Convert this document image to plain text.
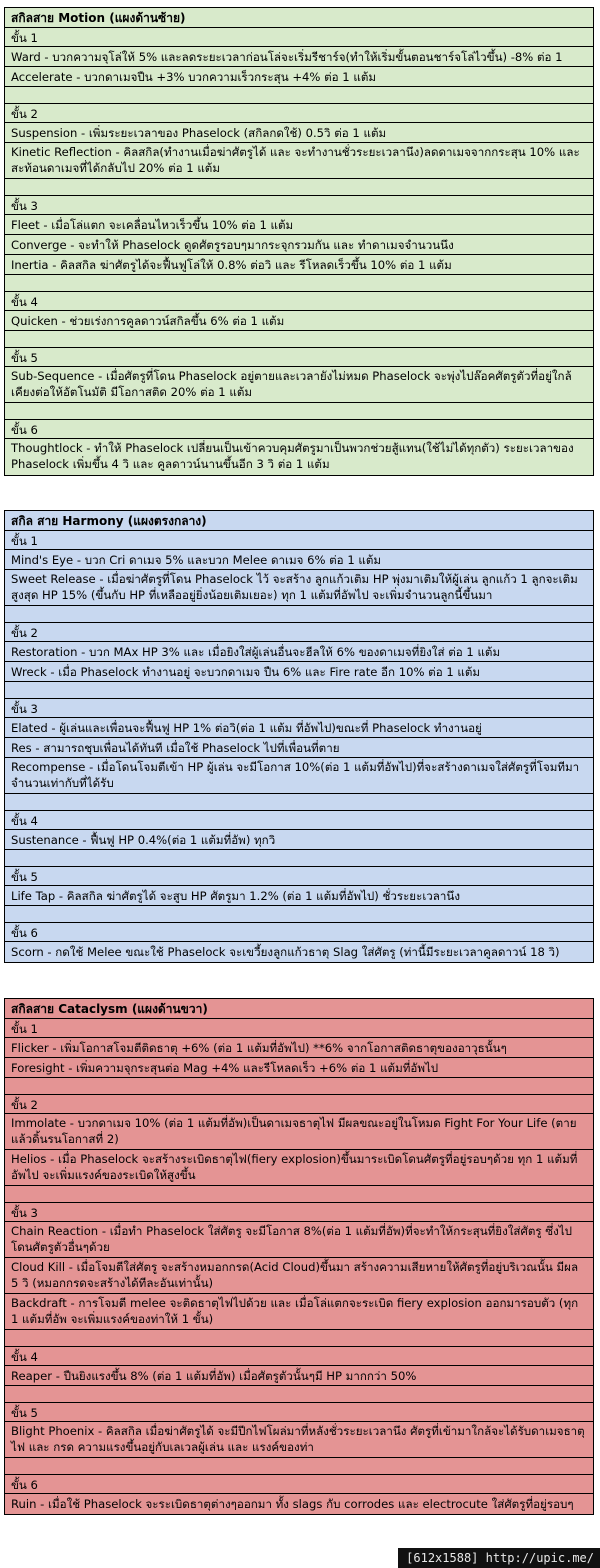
สกิลสาย Motion (แผงด้านซ้าย)
ขั้น 1
Ward - บวกความจุโล่ให้ 5% และลดระยะเวลาก่อนโล่จะเริ่มรีชาร์จ(ทำให้เริ่มขั้นตอนชาร์จโล่ไวขึ้น) -8% ต่อ 1
Accelerate - บวกดาเมจปืน +3% บวกความเร็วกระสุน +4% ต่อ 1 แต้ม
ขั้น 2
Suspension - เพิ่มระยะเวลาของ Phaselock (สกิลกดใช้) 0.5วิ ต่อ 1 แต้ม
Kinetic Reflection - คิลสกิล(ทำงานเมื่อฆ่าศัตรูได้ และ จะทำงานชั่วระยะเวลานึง)ลดดาเมจจากกระสุน 10% และ สะท้อนดาเมจที่ได้กลับไป 20% ต่อ 1 แต้ม
ขั้น 3
Fleet - เมื่อโล่แตก จะเคลื่อนไหวเร็วขึ้น 10% ต่อ 1 แต้ม
Converge - จะทำให้ Phaselock ดูดศัตรูรอบๆมากระจุกรวมกัน และ ทำดาเมจจำนวนนึง
Inertia - คิลสกิล ฆ่าศัตรูได้จะฟื้นฟูโล่ให้ 0.8% ต่อวิ และ รีโหลดเร็วขึ้น 10% ต่อ 1 แต้ม
ขั้น 4
Quicken - ช่วยเร่งการคูลดาวน์สกิลขึ้น 6% ต่อ 1 แต้ม
ขั้น 5
Sub-Sequence - เมื่อศัตรูที่โดน Phaselock อยู่ตายและเวลายังไม่หมด Phaselock จะพุ่งไปล๊อคศัตรูตัวที่อยู่ใกล้เคียงต่อให้อัตโนมัติ มีโอกาสติด 20% ต่อ 1 แต้ม
ขั้น 6
Thoughtlock - ทำให้ Phaselock เปลี่ยนเป็นเข้าควบคุมศัตรูมาเป็นพวกช่วยสู้แทน(ใช้ไม่ได้ทุกตัว) ระยะเวลาของ Phaselock เพิ่มขึ้น 4 วิ และ คูลดาวน์นานขึ้นอีก 3 วิ ต่อ 1 แต้ม
สกิล สาย Harmony (แผงตรงกลาง)
ขั้น 1
Mind's Eye - บวก Cri ดาเมจ 5% และบวก Melee ดาเมจ 6% ต่อ 1 แต้ม
Sweet Release - เมื่อฆ่าศัตรูที่โดน Phaselock ไว้ จะสร้าง ลูกแก้วเติม HP พุ่งมาเติมให้ผู้เล่น ลูกแก้ว 1 ลูกจะเติมสูงสุด HP 15% (ขึ้นกับ HP ที่เหลืออยู่ยิ่งน้อยเติมเยอะ) ทุก 1 แต้มที่อัพไป จะเพิ่มจำนวนลูกนี้ขึ้นมา
ขั้น 2
Restoration - บวก MAx HP 3% และ เมื่อยิงใส่ผู้เล่นอื่นจะฮีลให้ 6% ของดาเมจที่ยิงใส่ ต่อ 1 แต้ม
Wreck - เมื่อ Phaselock ทำงานอยู่ จะบวกดาเมจ ปืน 6% และ Fire rate อีก 10% ต่อ 1 แต้ม
ขั้น 3
Elated - ผู้เล่นและเพื่อนจะฟื้นฟู HP 1% ต่อวิ(ต่อ 1 แต้ม ที่อัพไป)ขณะที่ Phaselock ทำงานอยู่
Res - สามารถชุบเพื่อนได้ทันที เมื่อใช้ Phaselock ไปที่เพื่อนที่ตาย
Recompense - เมื่อโดนโจมตีเข้า HP ผู้เล่น จะมีโอกาส 10%(ต่อ 1 แต้มที่อัพไป)ที่จะสร้างดาเมจใส่ศัตรูที่โจมทีมาจำนวนเท่ากับที่ได้รับ
ขั้น 4
Sustenance - ฟื้นฟู HP 0.4%(ต่อ 1 แต้มที่อัพ) ทุกวิ
ขั้น 5
Life Tap - คิลสกิล ฆ่าศัตรูได้ จะสูบ HP ศัตรูมา 1.2% (ต่อ 1 แต้มที่อัพไป) ชั่วระยะเวลานึง
ขั้น 6
Scorn - กดใช้ Melee ขณะใช้ Phaselock จะเขวี้ยงลูกแก้วธาตุ Slag ใส่ศัตรู (ท่านี้มีระยะเวลาคูลดาวน์ 18 วิ)
สกิลสาย Cataclysm (แผงด้านขวา)
ขั้น 1
Flicker - เพิ่มโอกาสโจมตีติดธาตุ +6% (ต่อ 1 แต้มที่อัพไป) **6% จากโอกาสติดธาตุของอาวุธนั้นๆ
Foresight - เพิ่มความจุกระสุนต่อ Mag +4% และรีโหลดเร็ว +6% ต่อ 1 แต้มที่อัพไป
ขั้น 2
Immolate - บวกดาเมจ 10% (ต่อ 1 แต้มที่อัพ)เป็นดาเมจธาตุไฟ มีผลขณะอยู่ในโหมด Fight For Your Life (ตายแล้วดิ้นรนโอกาสที่ 2)
Helios - เมื่อ Phaselock จะสร้างระเบิดธาตุไฟ(fiery explosion)ขึ้นมาระเบิดโดนศัตรูที่อยู่รอบๆด้วย ทุก 1 แต้มที่อัพไป จะเพิ่มแรงค์ของระเบิดให้สูงขึ้น
ขั้น 3
Chain Reaction - เมื่อทำ Phaselock ใส่ศัตรู จะมีโอกาส 8%(ต่อ 1 แต้มที่อัพ)ที่จะทำให้กระสุนที่ยิงใส่ศัตรู ซึ่งไปโดนศัตรูตัวอื่นๆด้วย
Cloud Kill - เมื่อโจมตีใส่ศัตรู จะสร้างหมอกกรด(Acid Cloud)ขึ้นมา สร้างความเสียหายให้ศัตรูที่อยู่บริเวณนั้น มีผล 5 วิ (หมอกกรดจะสร้างได้ทีละอันเท่านั้น)
Backdraft - การโจมตี melee จะติดธาตุไฟไปด้วย และ เมื่อโล่แตกจะระเบิด fiery explosion ออกมารอบตัว (ทุก 1 แต้มที่อัพ จะเพิ่มแรงค์ของท่าให้ 1 ขั้น)
ขั้น 4
Reaper - ปืนยิงแรงขึ้น 8% (ต่อ 1 แต้มที่อัพ) เมื่อศัตรูตัวนั้นๆมี HP มากกว่า 50%
ขั้น 5
Blight Phoenix - คิลสกิล เมื่อฆ่าศัตรูได้ จะมีปีกไฟโผล่มาที่หลังชั่วระยะเวลานึง ศัตรูที่เข้ามาใกล้จะได้รับดาเมจธาตุไฟ และ กรด ความแรงขึ้นอยู่กับเลเวลผู้เล่น และ แรงค์ของท่า
ขั้น 6
Ruin - เมื่อใช้ Phaselock จะระเบิดธาตุต่างๆออกมา ทั้ง slags กับ corrodes และ electrocute ใส่ศัตรูที่อยู่รอบๆ
[612x1588] http://upic.me/
